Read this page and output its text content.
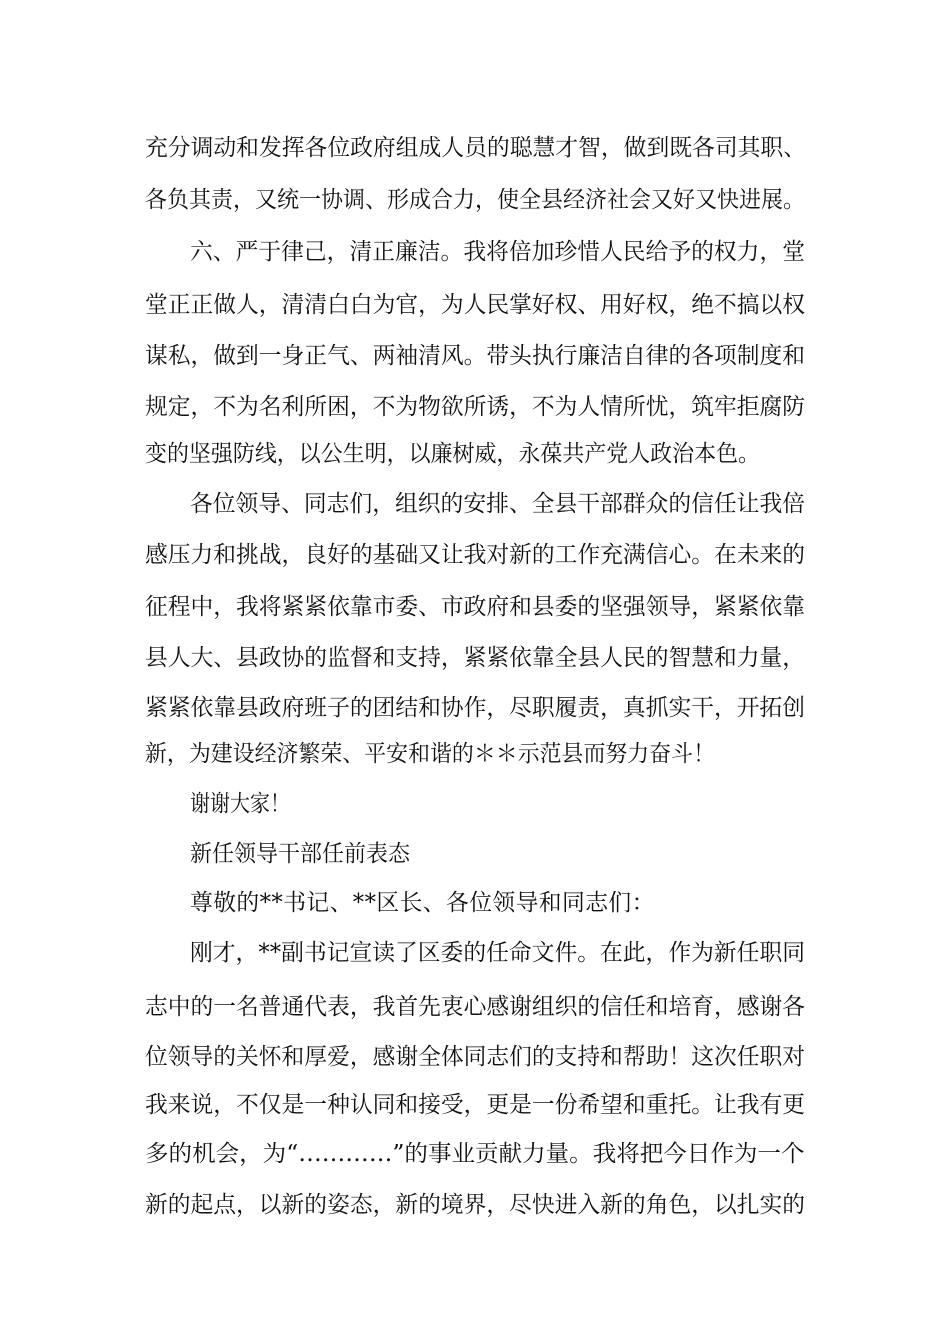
充分调动和发挥各位政府组成人员的聪慧才智，做到既各司其职、

各负其责，又统一协调、形成合力，使全县经济社会又好又快进展。

六、严于律己，清正廉洁。我将倍加珍惜人民给予的权力，堂

堂正正做人，清清白白为官，为人民掌好权、用好权，绝不搞以权

谋私，做到一身正气、两袖清风。带头执行廉洁自律的各项制度和

规定，不为名利所困，不为物欲所诱，不为人情所忧，筑牢拒腐防

变的坚强防线，以公生明，以廉树威，永葆共产党人政治本色。

各位领导、同志们，组织的安排、全县干部群众的信任让我倍

感压力和挑战，良好的基础又让我对新的工作充满信心。在未来的

征程中，我将紧紧依靠市委、市政府和县委的坚强领导，紧紧依靠

县人大、县政协的监督和支持，紧紧依靠全县人民的智慧和力量，

紧紧依靠县政府班子的团结和协作，尽职履责，真抓实干，开拓创

新，为建设经济繁荣、平安和谐的＊＊示范县而努力奋斗！

谢谢大家！

新任领导干部任前表态

尊敬的**书记、**区长、各位领导和同志们：

刚才，**副书记宣读了区委的任命文件。在此，作为新任职同

志中的一名普通代表，我首先衷心感谢组织的信任和培育，感谢各

位领导的关怀和厚爱，感谢全体同志们的支持和帮助！这次任职对

我来说，不仅是一种认同和接受，更是一份希望和重托。让我有更

多的机会，为“…………”的事业贡献力量。我将把今日作为一个

新的起点，以新的姿态，新的境界，尽快进入新的角色，以扎实的
